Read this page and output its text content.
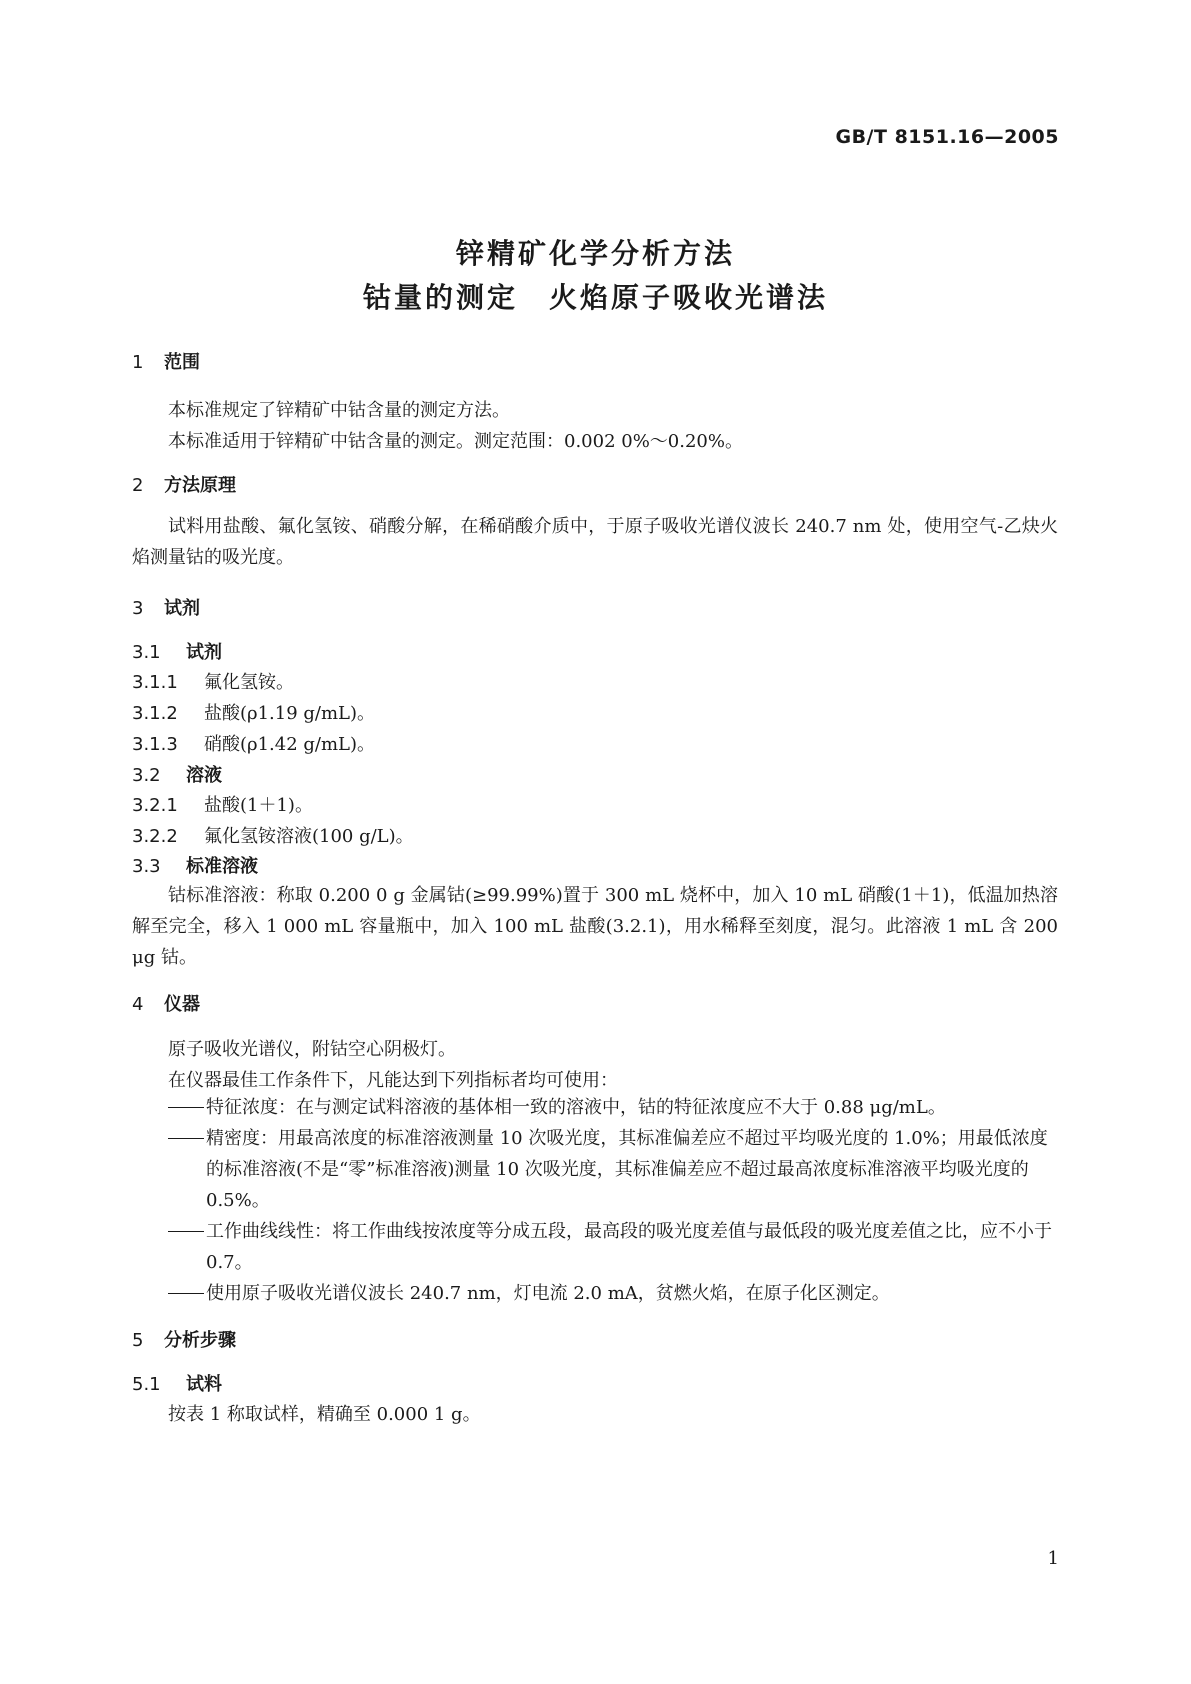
GB/T 8151.16—2005
锌精矿化学分析方法
钴量的测定　火焰原子吸收光谱法
1 范围
本标准规定了锌精矿中钴含量的测定方法。
本标准适用于锌精矿中钴含量的测定。测定范围：0.002 0%～0.20%。
2 方法原理
试料用盐酸、氟化氢铵、硝酸分解，在稀硝酸介质中，于原子吸收光谱仪波长 240.7 nm 处，使用空气-乙炔火焰测量钴的吸光度。
3 试剂
3.1 试剂
3.1.1 氟化氢铵。
3.1.2 盐酸(ρ1.19 g/mL)。
3.1.3 硝酸(ρ1.42 g/mL)。
3.2 溶液
3.2.1 盐酸(1＋1)。
3.2.2 氟化氢铵溶液(100 g/L)。
3.3 标准溶液
钴标准溶液：称取 0.200 0 g 金属钴(≥99.99%)置于 300 mL 烧杯中，加入 10 mL 硝酸(1＋1)，低温加热溶解至完全，移入 1 000 mL 容量瓶中，加入 100 mL 盐酸(3.2.1)，用水稀释至刻度，混匀。此溶液 1 mL 含 200 μg 钴。
4 仪器
原子吸收光谱仪，附钴空心阴极灯。
在仪器最佳工作条件下，凡能达到下列指标者均可使用：
特征浓度：在与测定试料溶液的基体相一致的溶液中，钴的特征浓度应不大于 0.88 μg/mL。
精密度：用最高浓度的标准溶液测量 10 次吸光度，其标准偏差应不超过平均吸光度的 1.0%；用最低浓度的标准溶液(不是“零”标准溶液)测量 10 次吸光度，其标准偏差应不超过最高浓度标准溶液平均吸光度的 0.5%。
工作曲线线性：将工作曲线按浓度等分成五段，最高段的吸光度差值与最低段的吸光度差值之比，应不小于 0.7。
使用原子吸收光谱仪波长 240.7 nm，灯电流 2.0 mA，贫燃火焰，在原子化区测定。
5 分析步骤
5.1 试料
按表 1 称取试样，精确至 0.000 1 g。
1
